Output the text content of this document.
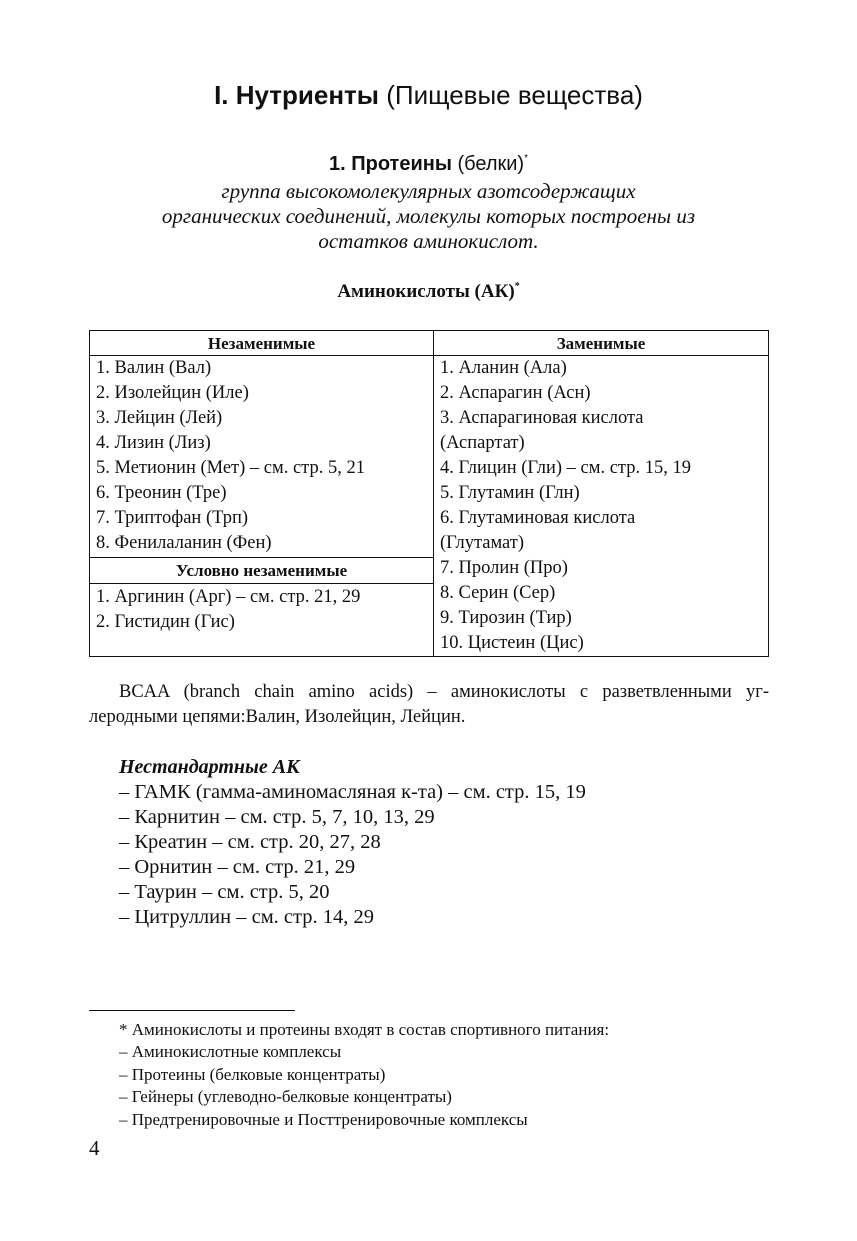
I. Нутриенты (Пищевые вещества)
1. Протеины (белки)*
группа высокомолекулярных азотсодержащих
органических соединений, молекулы которых построены из
остатков аминокислот.
Аминокислоты (АК)*
Незаменимые	Заменимые
1. Валин (Вал)
2. Изолейцин (Иле)
3. Лейцин (Лей)
4. Лизин (Лиз)
5. Метионин (Мет) – см. стр. 5, 21
6. Треонин (Тре)
7. Триптофан (Трп)
8. Фенилаланин (Фен)
Условно незаменимые
1. Аргинин (Арг) – см. стр. 21, 29
2. Гистидин (Гис)
1. Аланин (Ала)
2. Аспарагин (Асн)
3. Аспарагиновая кислота
(Аспартат)
4. Глицин (Гли) – см. стр. 15, 19
5. Глутамин (Глн)
6. Глутаминовая кислота
(Глутамат)
7. Пролин (Про)
8. Серин (Сер)
9. Тирозин (Тир)
10. Цистеин (Цис)
BCAA (branch chain amino acids) – аминокислоты с разветвленными уг-
леродными цепями:Валин, Изолейцин, Лейцин.
Нестандартные АК
– ГАМК (гамма-аминомасляная к-та) – см. стр. 15, 19
– Карнитин – см. стр. 5, 7, 10, 13, 29
– Креатин – см. стр. 20, 27, 28
– Орнитин – см. стр. 21, 29
– Таурин – см. стр. 5, 20
– Цитруллин – см. стр. 14, 29
* Аминокислоты и протеины входят в состав спортивного питания:
– Аминокислотные комплексы
– Протеины (белковые концентраты)
– Гейнеры (углеводно-белковые концентраты)
– Предтренировочные и Посттренировочные комплексы
4
